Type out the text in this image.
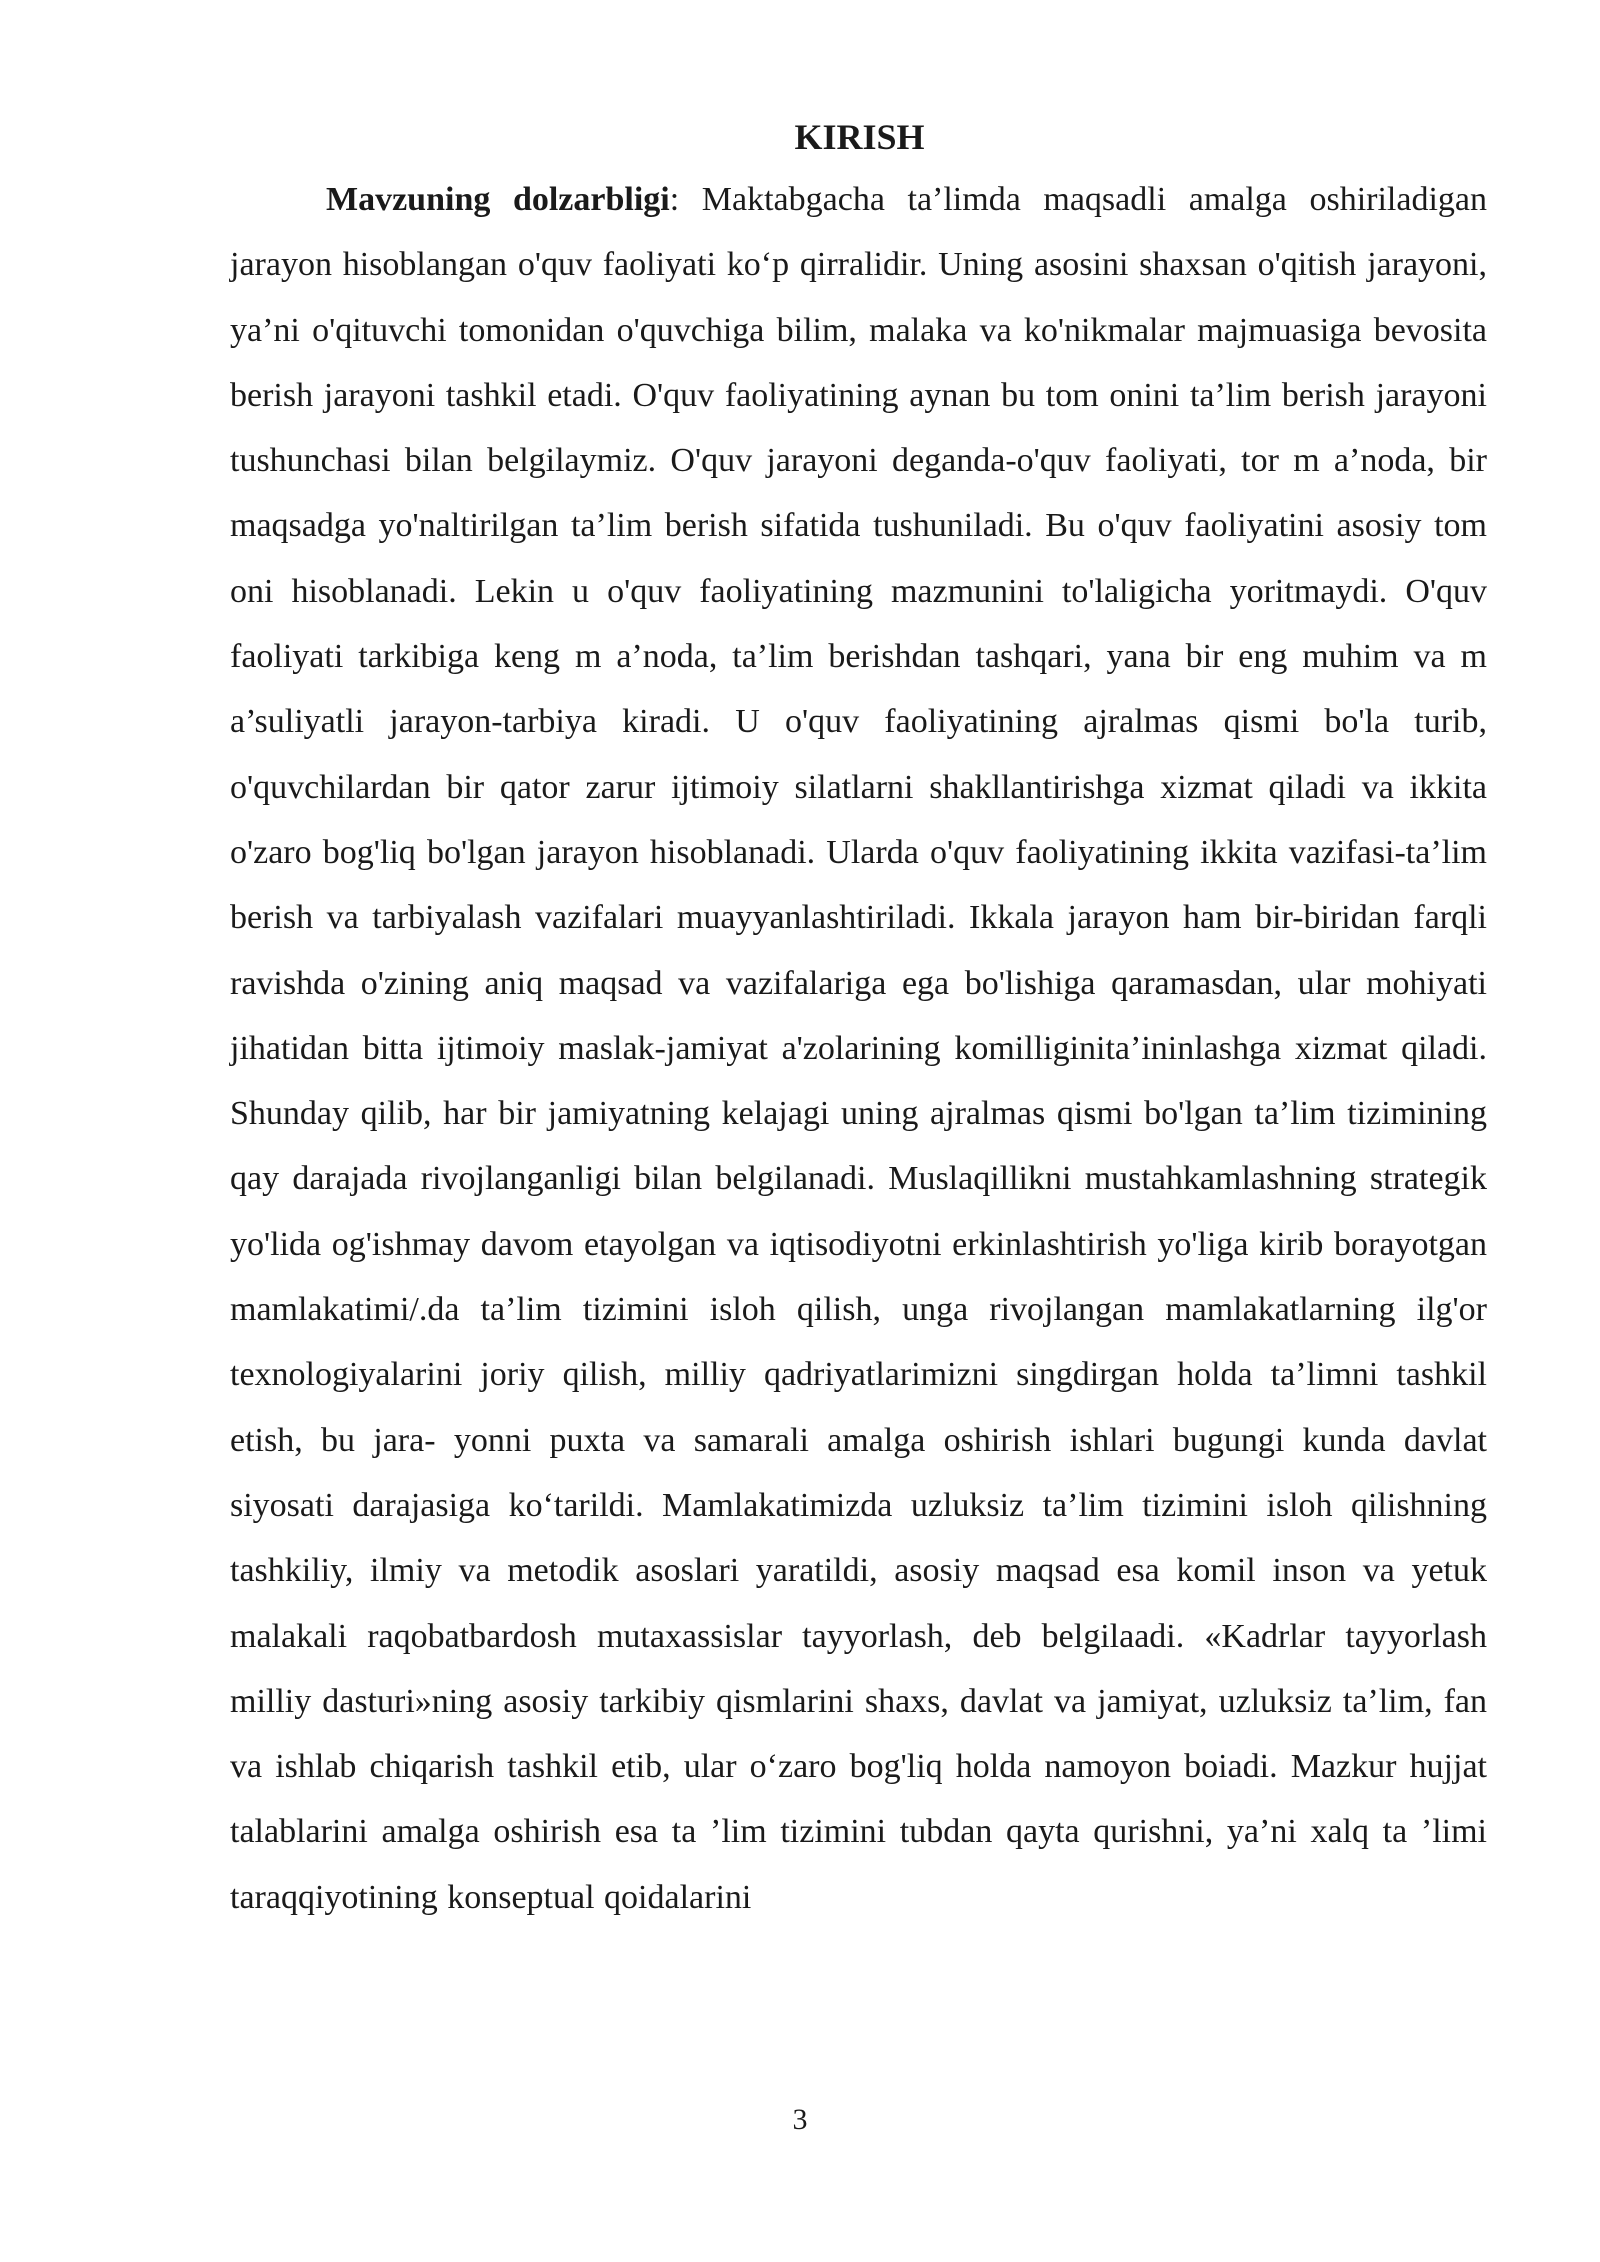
KIRISH

Mavzuning dolzarbligi: Maktabgacha ta’limda maqsadli amalga oshiriladigan jarayon hisoblangan o'quv faoliyati ko‘p qirralidir. Uning asosini shaxsan o'qitish jarayoni, ya’ni o'qituvchi tomonidan o'quvchiga bilim, malaka va ko'nikmalar majmuasiga bevosita berish jarayoni tashkil etadi. O'quv faoliyatining aynan bu tom onini ta’lim berish jarayoni tushunchasi bilan belgilaymiz. O'quv jarayoni deganda-o'quv faoliyati, tor m a’noda, bir maqsadga yo'naltirilgan ta’lim berish sifatida tushuniladi. Bu o'quv faoliyatini asosiy tom oni hisoblanadi. Lekin u o'quv faoliyatining mazmunini to'laligicha yoritmaydi. O'quv faoliyati tarkibiga keng m a’noda, ta’lim berishdan tashqari, yana bir eng muhim va m a’suliyatli jarayon-tarbiya kiradi. U o'quv faoliyatining ajralmas qismi bo'la turib, o'quvchilardan bir qator zarur ijtimoiy silatlarni shakllantirishga xizmat qiladi va ikkita o'zaro bog'liq bo'lgan jarayon hisoblanadi. Ularda o'quv faoliyatining ikkita vazifasi-ta’lim berish va tarbiyalash vazifalari muayyanlashtiriladi. Ikkala jarayon ham bir-biridan farqli ravishda o'zining aniq maqsad va vazifalariga ega bo'lishiga qaramasdan, ular mohiyati jihatidan bitta ijtimoiy maslak-jamiyat a'zolarining komilliginita’ininlashga xizmat qiladi. Shunday qilib, har bir jamiyatning kelajagi uning ajralmas qismi bo'lgan ta’lim tizimining qay darajada rivojlanganligi bilan belgilanadi. Muslaqillikni mustahkamlashning strategik yo'lida og'ishmay davom etayolgan va iqtisodiyotni erkinlashtirish yo'liga kirib borayotgan mamlakatimi/.da ta’lim tizimini isloh qilish, unga rivojlangan mamlakatlarning ilg'or texnologiyalarini joriy qilish, milliy qadriyatlarimizni singdirgan holda ta’limni tashkil etish, bu jara- yonni puxta va samarali amalga oshirish ishlari bugungi kunda davlat siyosati darajasiga ko‘tarildi. Mamlakatimizda uzluksiz ta’lim tizimini isloh qilishning tashkiliy, ilmiy va metodik asoslari yaratildi, asosiy maqsad esa komil inson va yetuk malakali raqobatbardosh mutaxassislar tayyorlash, deb belgilaadi. «Kadrlar tayyorlash milliy dasturi»ning asosiy tarkibiy qismlarini shaxs, davlat va jamiyat, uzluksiz ta’lim, fan va ishlab chiqarish tashkil etib, ular o‘zaro bog'liq holda namoyon boiadi. Mazkur hujjat talablarini amalga oshirish esa ta ’lim tizimini tubdan qayta qurishni, ya’ni xalq ta ’limi taraqqiyotining konseptual qoidalarini

3
